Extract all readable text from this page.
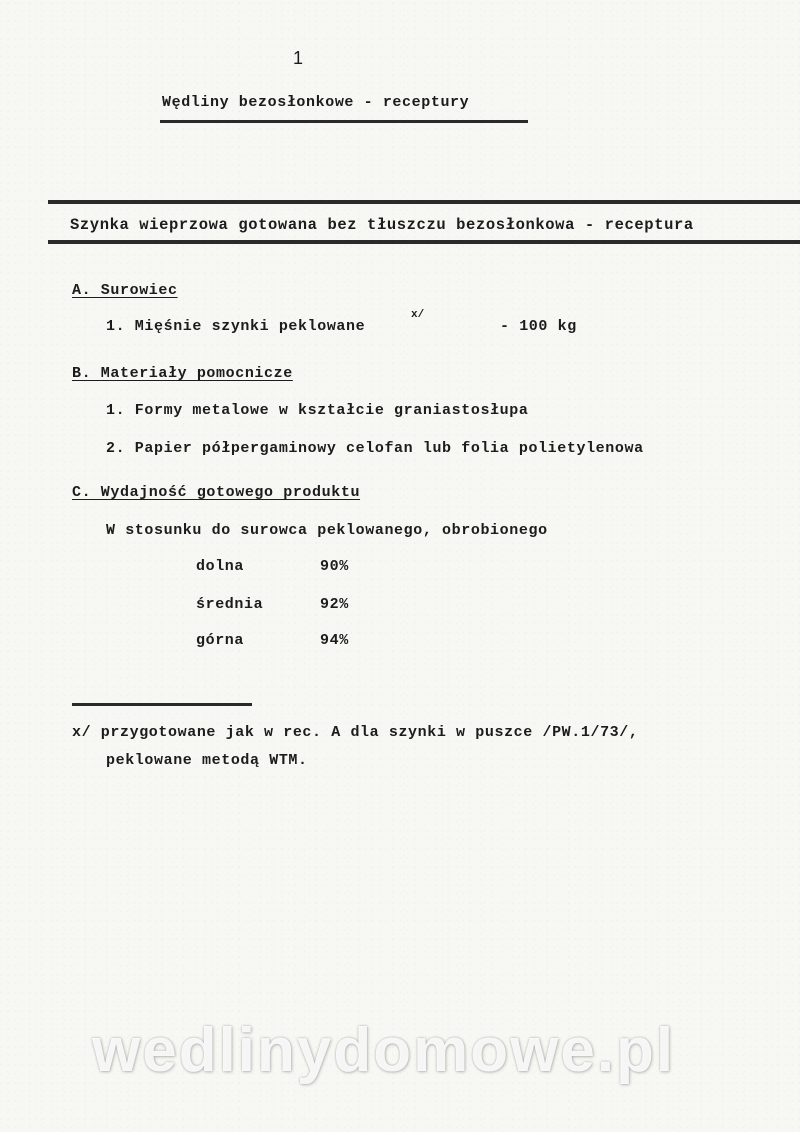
1
Wędliny bezosłonkowe - receptury
Szynka wieprzowa gotowana bez tłuszczu bezosłonkowa - receptura
A. Surowiec
1. Mięśnie szynki peklowane
x/
- 100 kg
B. Materiały pomocnicze
1. Formy metalowe w kształcie graniastosłupa
2. Papier półpergaminowy celofan lub folia polietylenowa
C. Wydajność gotowego produktu
W stosunku do surowca peklowanego, obrobionego
dolna	90%
średnia	92%
górna	94%
x/ przygotowane jak w rec. A dla szynki w puszce /PW.1/73/,
peklowane metodą WTM.
wedlinydomowe.pl
